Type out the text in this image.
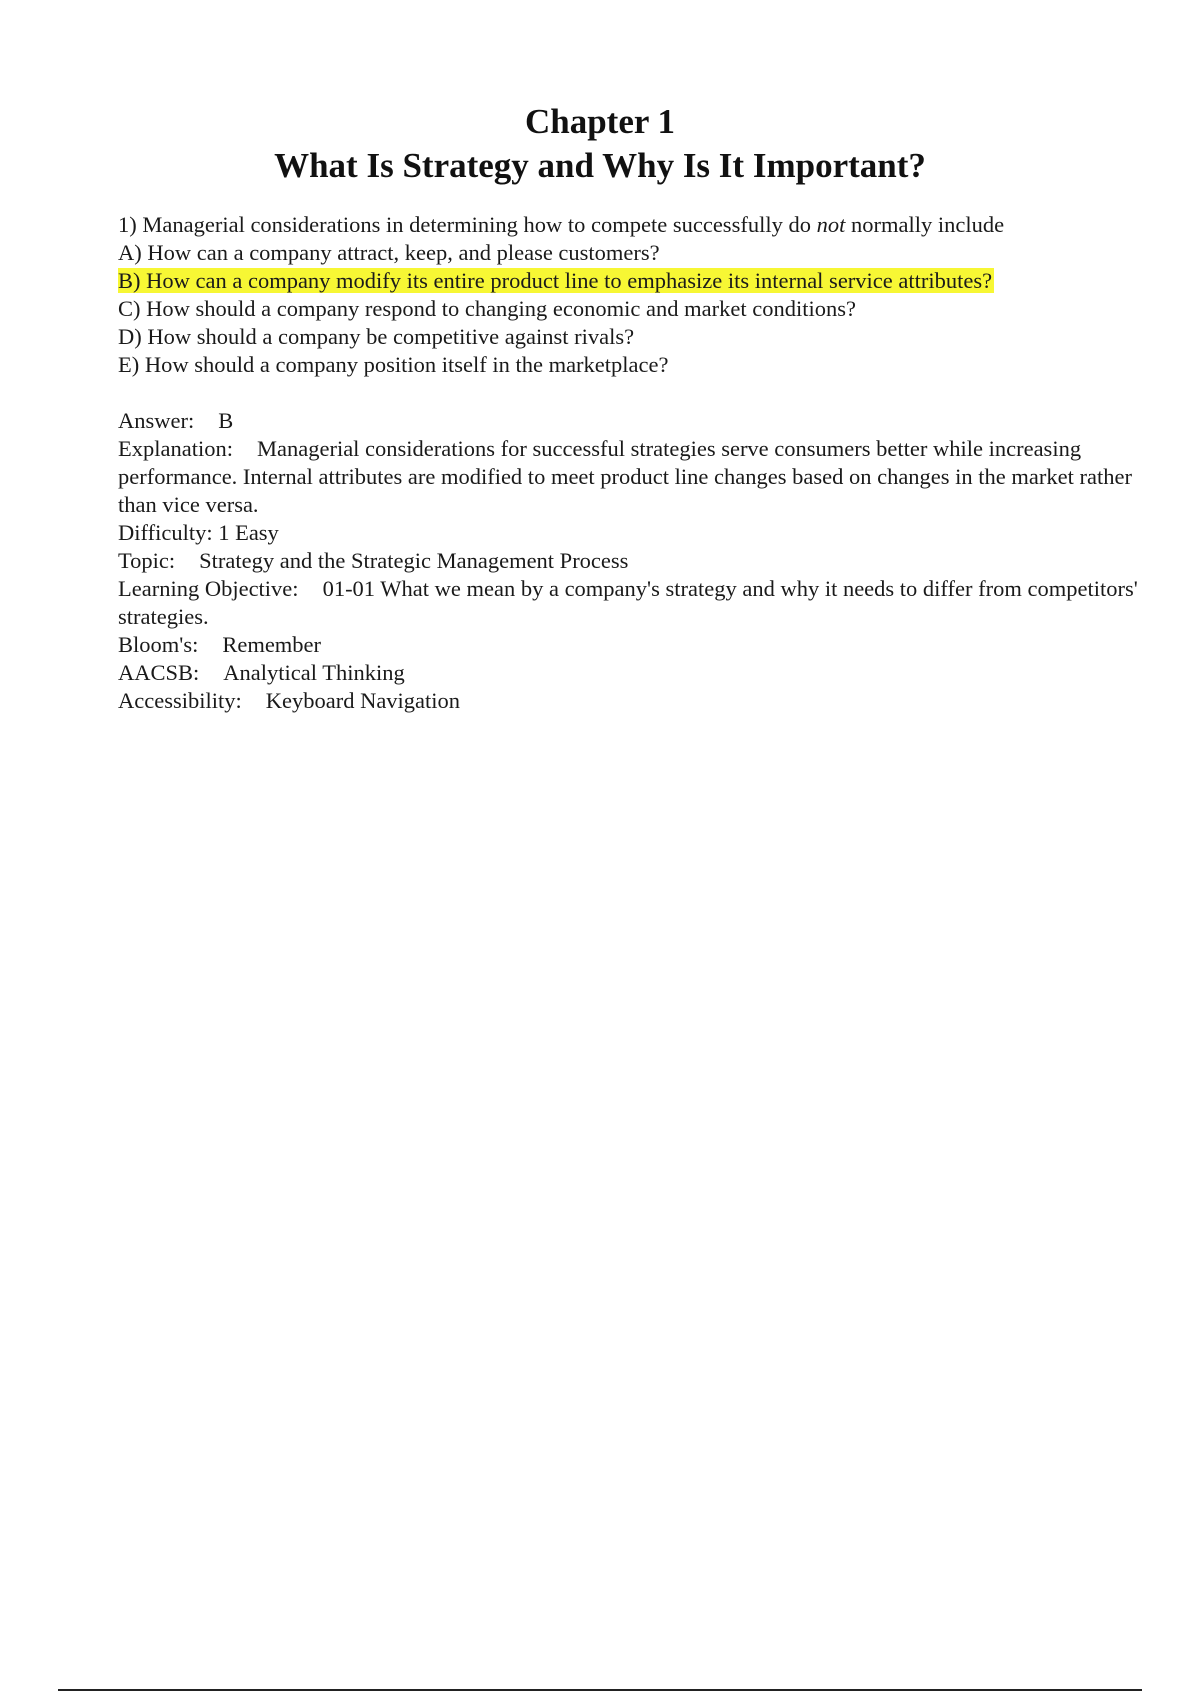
Chapter 1
What Is Strategy and Why Is It Important?
1) Managerial considerations in determining how to compete successfully do not normally include
A) How can a company attract, keep, and please customers?
B) How can a company modify its entire product line to emphasize its internal service attributes?
C) How should a company respond to changing economic and market conditions?
D) How should a company be competitive against rivals?
E) How should a company position itself in the marketplace?
Answer: B
Explanation: Managerial considerations for successful strategies serve consumers better while increasing performance. Internal attributes are modified to meet product line changes based on changes in the market rather than vice versa.
Difficulty: 1 Easy
Topic: Strategy and the Strategic Management Process
Learning Objective: 01-01 What we mean by a company's strategy and why it needs to differ from competitors' strategies.
Bloom's: Remember
AACSB: Analytical Thinking
Accessibility: Keyboard Navigation
